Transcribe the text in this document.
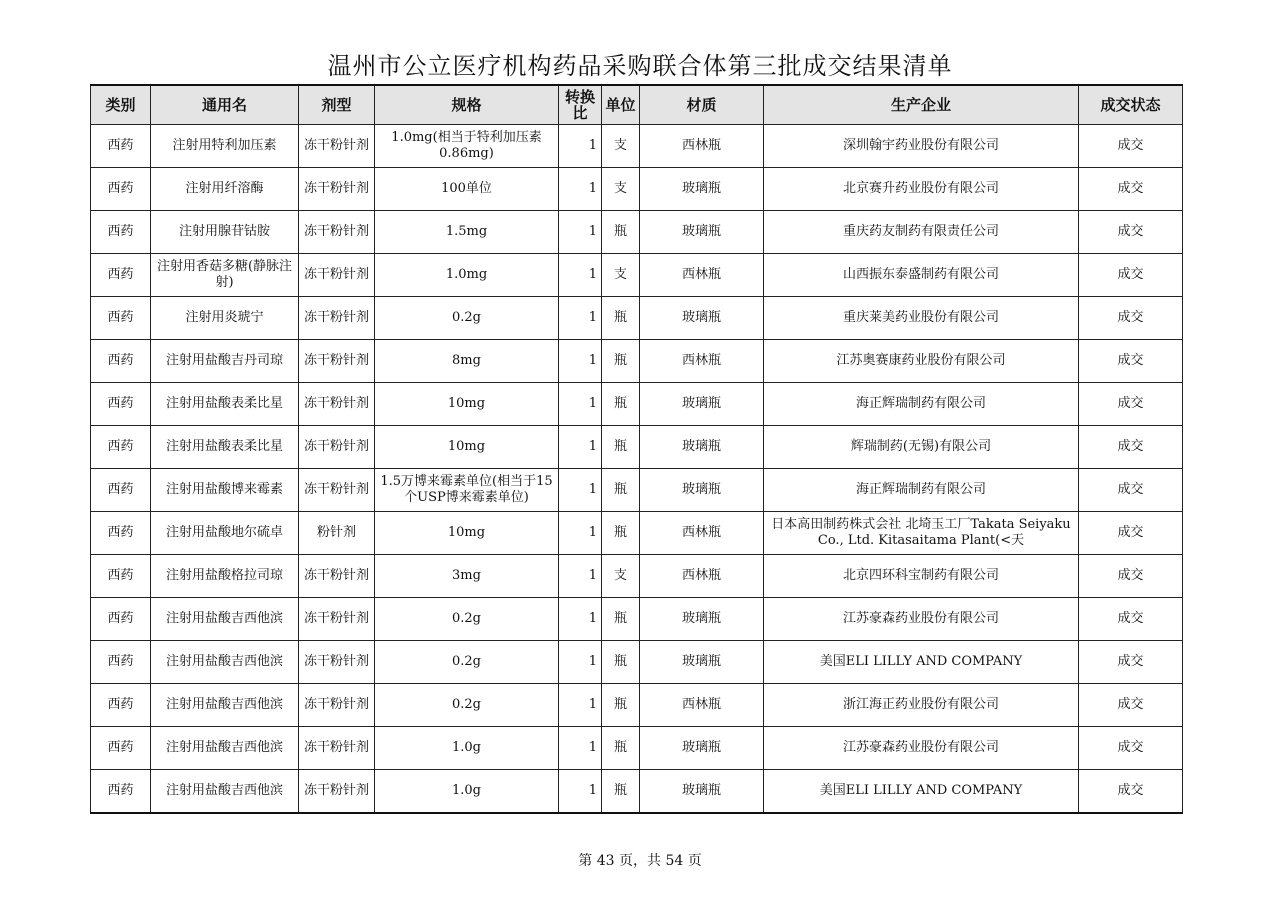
温州市公立医疗机构药品采购联合体第三批成交结果清单
类别	通用名	剂型	规格	转换比	单位	材质	生产企业	成交状态
西药	注射用特利加压素	冻干粉针剂	1.0mg(相当于特利加压素0.86mg)	1	支	西林瓶	深圳翰宇药业股份有限公司	成交
西药	注射用纤溶酶	冻干粉针剂	100单位	1	支	玻璃瓶	北京赛升药业股份有限公司	成交
西药	注射用腺苷钴胺	冻干粉针剂	1.5mg	1	瓶	玻璃瓶	重庆药友制药有限责任公司	成交
西药	注射用香菇多糖(静脉注射)	冻干粉针剂	1.0mg	1	支	西林瓶	山西振东泰盛制药有限公司	成交
西药	注射用炎琥宁	冻干粉针剂	0.2g	1	瓶	玻璃瓶	重庆莱美药业股份有限公司	成交
西药	注射用盐酸吉丹司琼	冻干粉针剂	8mg	1	瓶	西林瓶	江苏奥赛康药业股份有限公司	成交
西药	注射用盐酸表柔比星	冻干粉针剂	10mg	1	瓶	玻璃瓶	海正辉瑞制药有限公司	成交
西药	注射用盐酸表柔比星	冻干粉针剂	10mg	1	瓶	玻璃瓶	辉瑞制药(无锡)有限公司	成交
西药	注射用盐酸博来霉素	冻干粉针剂	1.5万博来霉素单位(相当于15个USP博来霉素单位)	1	瓶	玻璃瓶	海正辉瑞制药有限公司	成交
西药	注射用盐酸地尔硫卓	粉针剂	10mg	1	瓶	西林瓶	日本高田制药株式会社 北埼玉工厂Takata Seiyaku Co., Ltd. Kitasaitama Plant(<天	成交
西药	注射用盐酸格拉司琼	冻干粉针剂	3mg	1	支	西林瓶	北京四环科宝制药有限公司	成交
西药	注射用盐酸吉西他滨	冻干粉针剂	0.2g	1	瓶	玻璃瓶	江苏豪森药业股份有限公司	成交
西药	注射用盐酸吉西他滨	冻干粉针剂	0.2g	1	瓶	玻璃瓶	美国ELI LILLY AND COMPANY	成交
西药	注射用盐酸吉西他滨	冻干粉针剂	0.2g	1	瓶	西林瓶	浙江海正药业股份有限公司	成交
西药	注射用盐酸吉西他滨	冻干粉针剂	1.0g	1	瓶	玻璃瓶	江苏豪森药业股份有限公司	成交
西药	注射用盐酸吉西他滨	冻干粉针剂	1.0g	1	瓶	玻璃瓶	美国ELI LILLY AND COMPANY	成交
第 43 页，共 54 页
